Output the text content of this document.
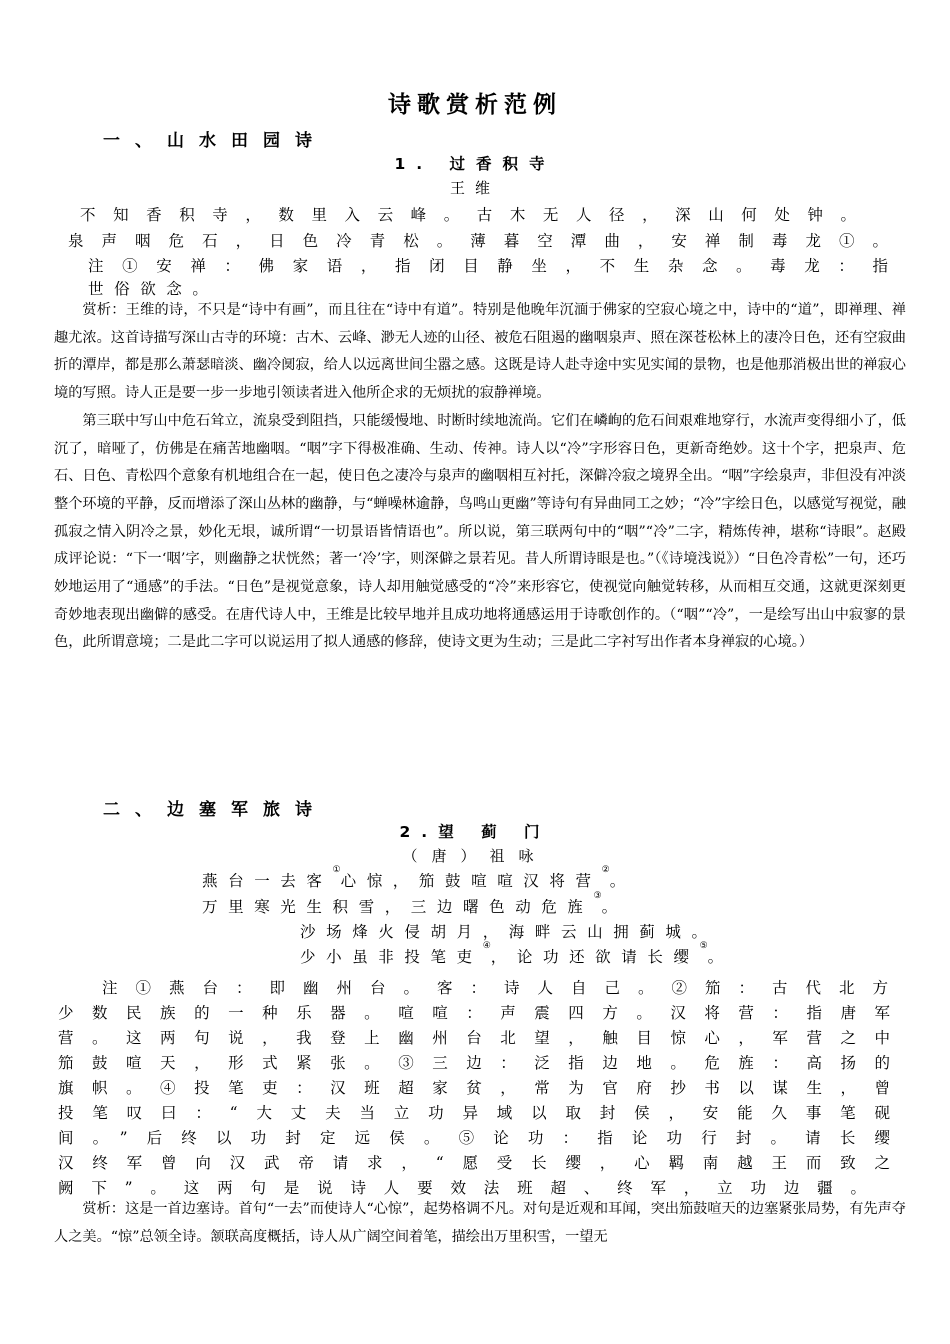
诗歌赏析范例
一、山水田园诗
1. 过香积寺
王维
不知香积寺，数里入云峰。古木无人径，深山何处钟。
泉声咽危石，日色冷青松。薄暮空潭曲，安禅制毒龙①。
注①安禅：佛家语，指闭目静坐，不生杂念。毒龙：指
世俗欲念。

赏析：王维的诗，不只是“诗中有画”，而且往在“诗中有道”。特别是他晚年沉湎于佛家的空寂心境之中，诗中的“道”，即禅理、禅趣尤浓。这首诗描写深山古寺的环境：古木、云峰、渺无人迹的山径、被危石阻遏的幽咽泉声、照在深苍松林上的凄冷日色，还有空寂曲折的潭岸，都是那么萧瑟暗淡、幽冷阒寂，给人以远离世间尘嚣之感。这既是诗人赴寺途中实见实闻的景物，也是他那消极出世的禅寂心境的写照。诗人正是要一步一步地引领读者进入他所企求的无烦扰的寂静禅境。

第三联中写山中危石耸立，流泉受到阻挡，只能缓慢地、时断时续地流尚。它们在嶙峋的危石间艰难地穿行，水流声变得细小了，低沉了，暗哑了，仿佛是在痛苦地幽咽。“咽”字下得极准确、生动、传神。诗人以“冷”字形容日色，更新奇绝妙。这十个字，把泉声、危石、日色、青松四个意象有机地组合在一起，使日色之凄冷与泉声的幽咽相互衬托，深僻冷寂之境界全出。“咽”字绘泉声，非但没有冲淡整个环境的平静，反而增添了深山丛林的幽静，与“蝉噪林逾静，鸟鸣山更幽”等诗句有异曲同工之妙；“冷”字绘日色，以感觉写视觉，融孤寂之情入阴冷之景，妙化无垠，诚所谓“一切景语皆情语也”。所以说，第三联两句中的“咽”“冷”二字，精炼传神，堪称“诗眼”。赵殿成评论说：“下一‘咽’字，则幽静之状恍然；著一‘冷’字，则深僻之景若见。昔人所谓诗眼是也。”（《诗境浅说》）“日色冷青松”一句，还巧妙地运用了“通感”的手法。“日色”是视觉意象，诗人却用触觉感受的“冷”来形容它，使视觉向触觉转移，从而相互交通，这就更深刻更奇妙地表现出幽僻的感受。在唐代诗人中，王维是比较早地并且成功地将通感运用于诗歌创作的。（“咽”“冷”，一是绘写出山中寂寥的景色，此所谓意境；二是此二字可以说运用了拟人通感的修辞，使诗文更为生动；三是此二字衬写出作者本身禅寂的心境。）

二、边塞军旅诗
2.望 蓟 门
（唐）祖咏
燕台一去客①心惊，笳鼓喧喧汉将营②。
万里寒光生积雪，三边曙色动危旌③。
沙场烽火侵胡月，海畔云山拥蓟城。
少小虽非投笔吏④，论功还欲请长缨⑤。
注①燕台：即幽州台。客：诗人自己。②笳：古代北方
少数民族的一种乐器。喧喧：声震四方。汉将营：指唐军
营。这两句说，我登上幽州台北望，触目惊心，军营之中
笳鼓喧天，形式紧张。③三边：泛指边地。危旌：高扬的
旗帜。④投笔吏：汉班超家贫，常为官府抄书以谋生，曾
投笔叹曰：“大丈夫当立功异域以取封侯，安能久事笔砚
间。”后终以功封定远侯。⑤论功：指论功行封。请长缨
汉终军曾向汉武帝请求，“愿受长缨，心羁南越王而致之
阙下”。这两句是说诗人要效法班超、终军，立功边疆。

赏析：这是一首边塞诗。首句“一去”而使诗人“心惊”，起势格调不凡。对句是近观和耳闻，突出笳鼓喧天的边塞紧张局势，有先声夺人之美。“惊”总领全诗。颔联高度概括，诗人从广阔空间着笔，描绘出万里积雪，一望无
